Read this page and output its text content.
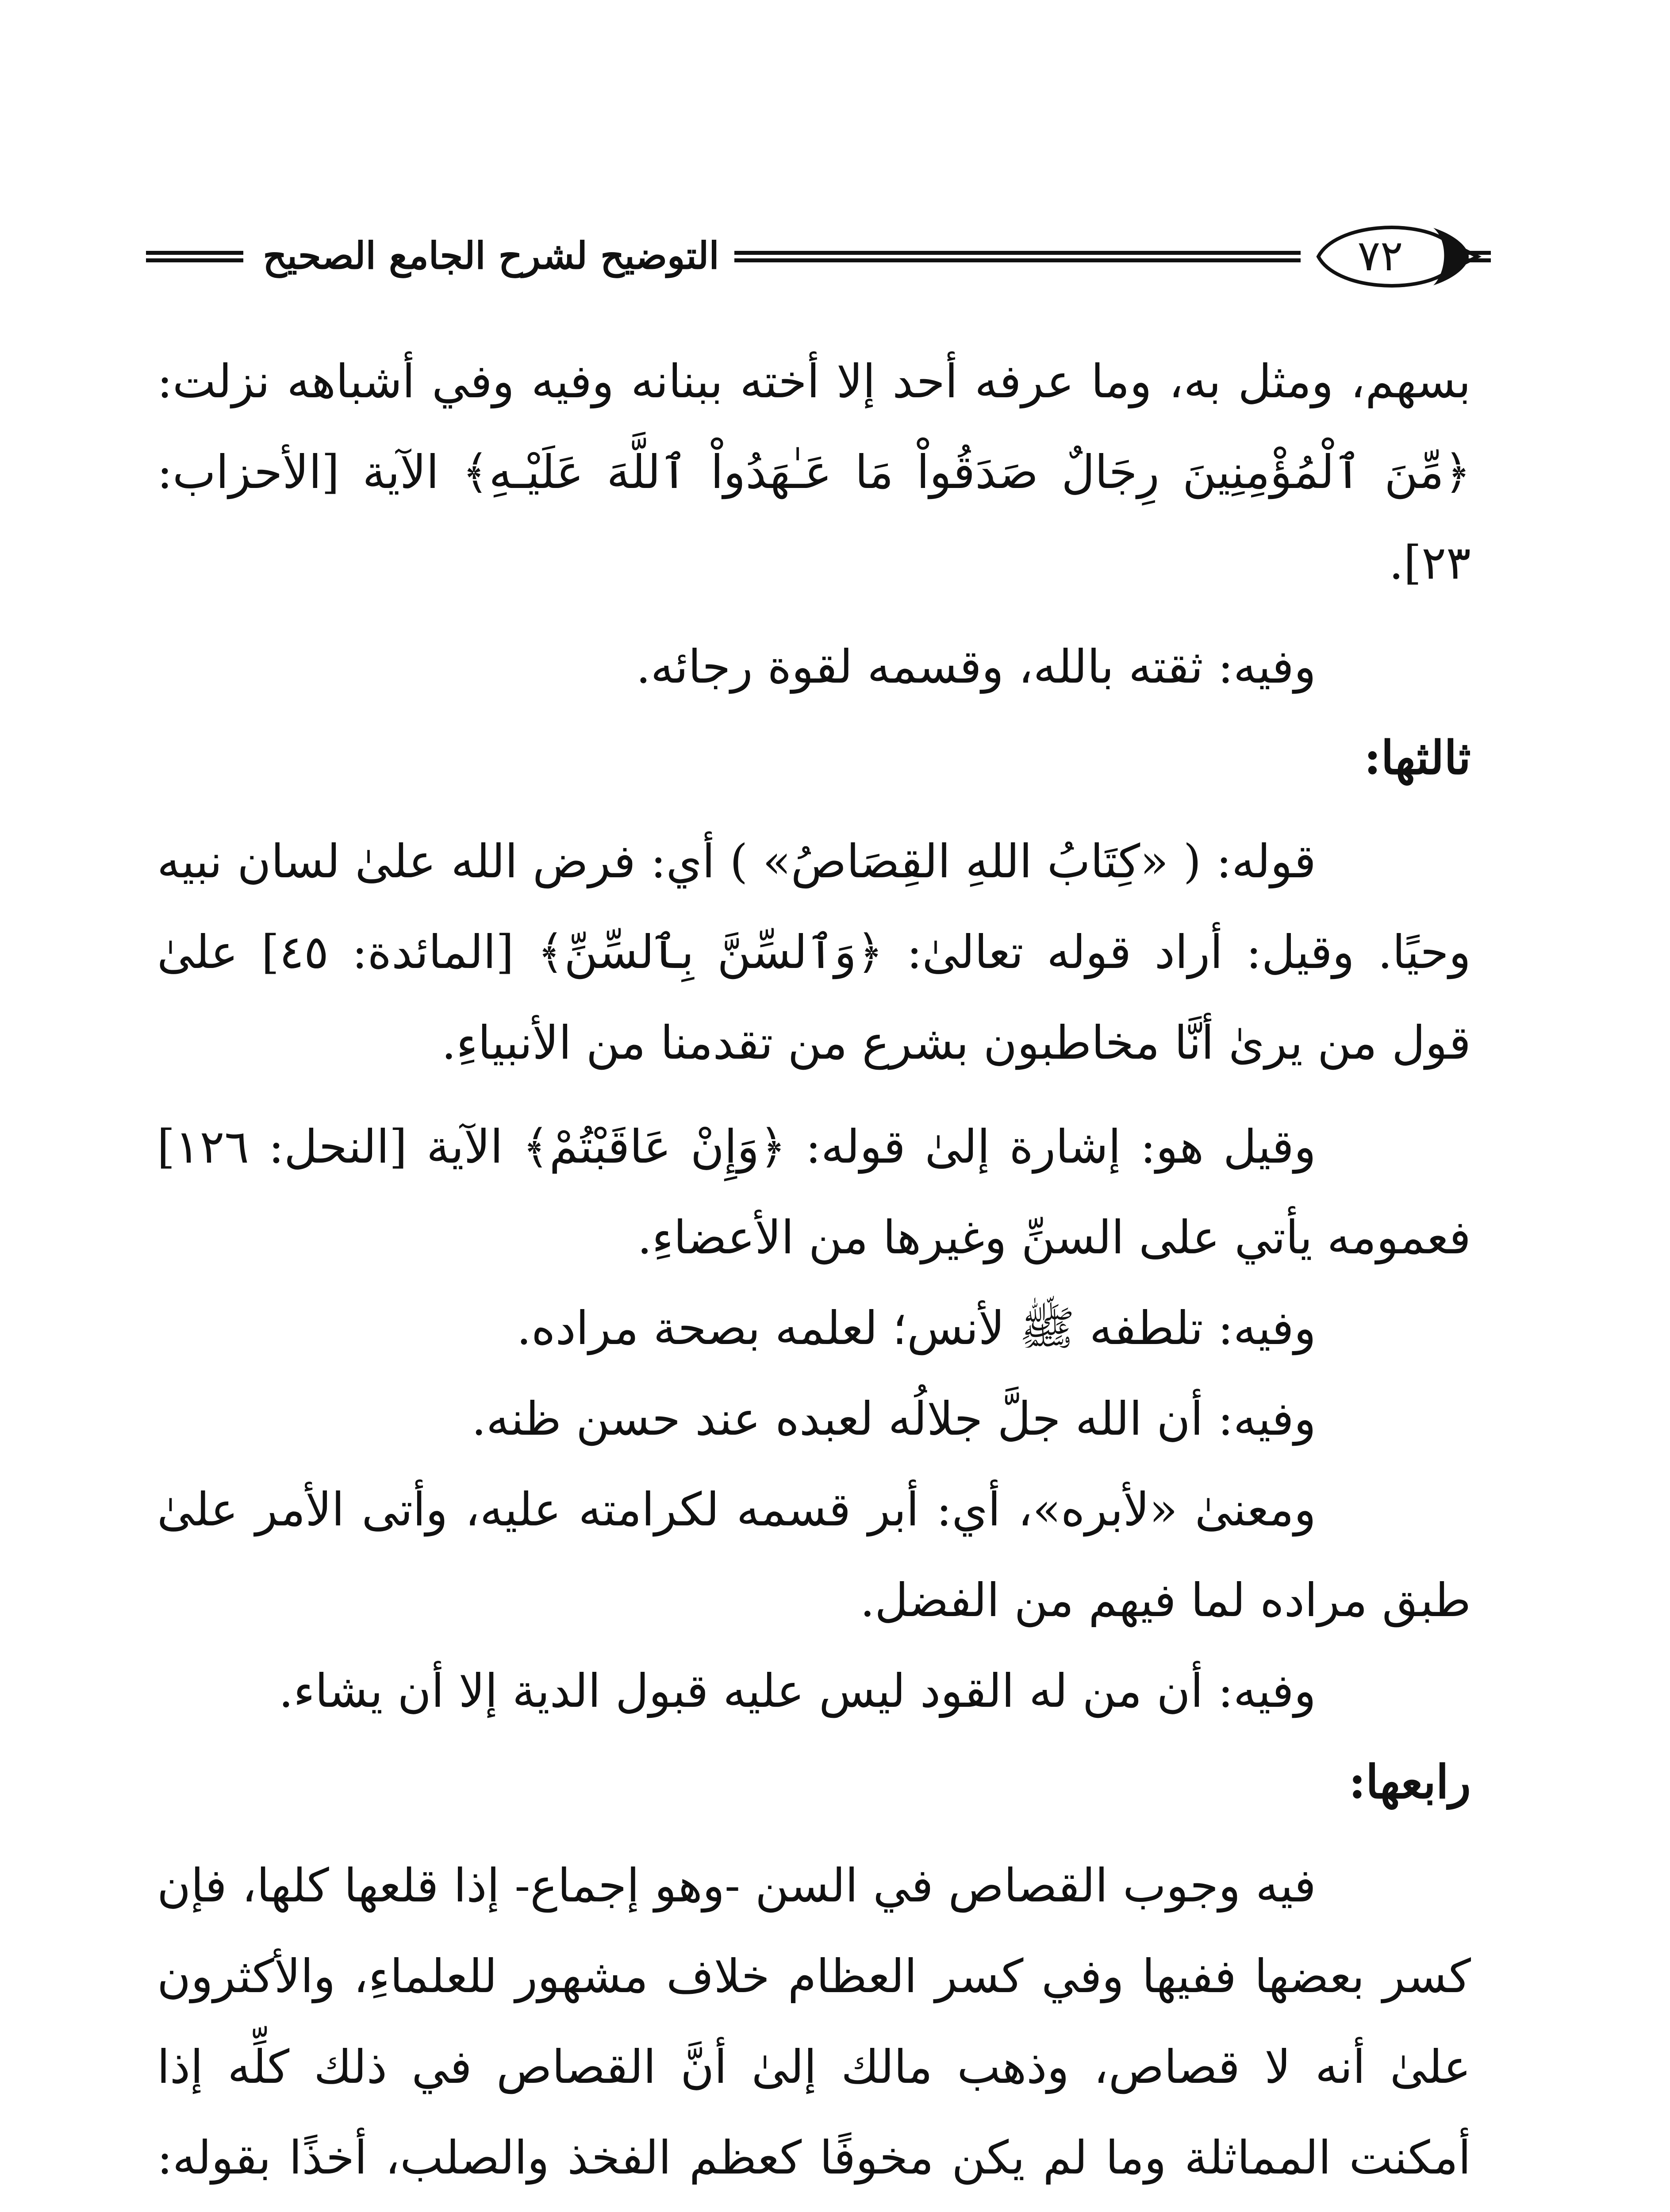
التوضيح لشرح الجامع الصحيح	٧٢

بسهم، ومثل به، وما عرفه أحد إلا أخته ببنانه وفيه وفي أشباهه نزلت: ﴿مِّنَ ٱلْمُؤْمِنِينَ رِجَالٌ صَدَقُواْ مَا عَـٰهَدُواْ ٱللَّهَ عَلَيْـهِ﴾ الآية [الأحزاب: ٢٣].

وفيه: ثقته بالله، وقسمه لقوة رجائه.

ثالثها:

قوله: ( «كِتَابُ اللهِ القِصَاصُ» ) أي: فرض الله علىٰ لسان نبيه وحيًا. وقيل: أراد قوله تعالىٰ: ﴿وَٱلسِّنَّ بِٱلسِّنِّ﴾ [المائدة: ٤٥] علىٰ قول من يرىٰ أنَّا مخاطبون بشرع من تقدمنا من الأنبياءِ.

وقيل هو: إشارة إلىٰ قوله: ﴿وَإِنْ عَاقَبْتُمْ﴾ الآية [النحل: ١٢٦] فعمومه يأتي على السنِّ وغيرها من الأعضاءِ.

وفيه: تلطفه ﷺ لأنس؛ لعلمه بصحة مراده.

وفيه: أن الله جلَّ جلالُه لعبده عند حسن ظنه.

ومعنىٰ «لأبره»، أي: أبر قسمه لكرامته عليه، وأتى الأمر علىٰ طبق مراده لما فيهم من الفضل.

وفيه: أن من له القود ليس عليه قبول الدية إلا أن يشاء.

رابعها:

فيه وجوب القصاص في السن -وهو إجماع- إذا قلعها كلها، فإن كسر بعضها ففيها وفي كسر العظام خلاف مشهور للعلماءِ، والأكثرون علىٰ أنه لا قصاص، وذهب مالك إلىٰ أنَّ القصاص في ذلك كلِّه إذا أمكنت المماثلة وما لم يكن مخوفًا كعظم الفخذ والصلب، أخذًا بقوله:
